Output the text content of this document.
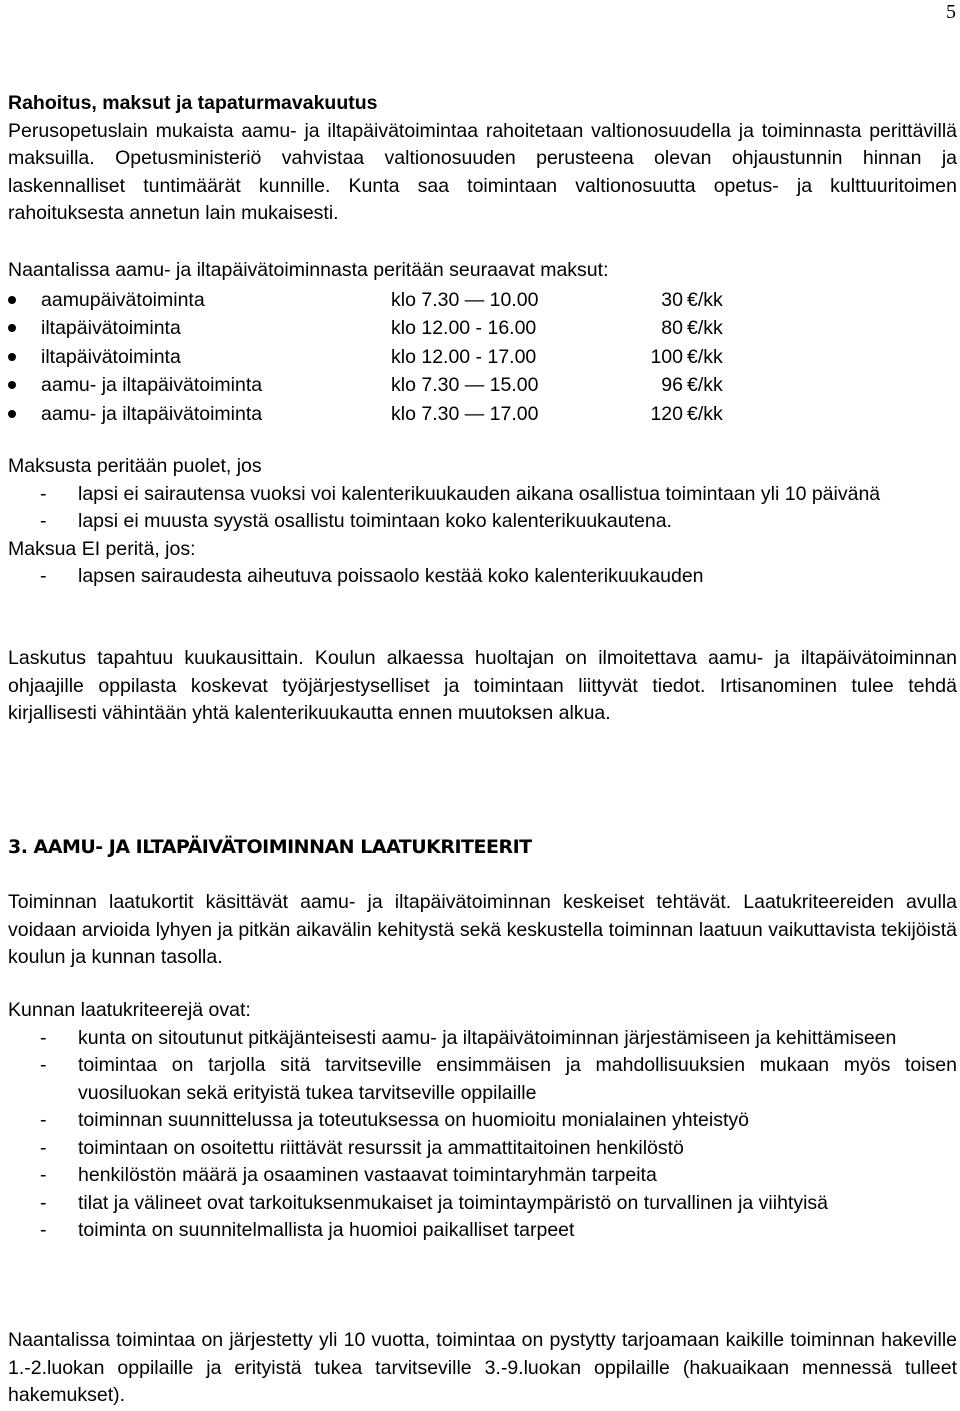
5

Rahoitus, maksut ja tapaturmavakuutus

Perusopetuslain mukaista aamu- ja iltapäivätoimintaa rahoitetaan valtionosuudella ja toiminnasta perittävillä maksuilla. Opetusministeriö vahvistaa valtionosuuden perusteena olevan ohjaustunnin hinnan ja laskennalliset tuntimäärät kunnille. Kunta saa toimintaan valtionosuutta opetus- ja kulttuuritoimen rahoituksesta annetun lain mukaisesti.

Naantalissa aamu- ja iltapäivätoiminnasta peritään seuraavat maksut:

aamupäivätoiminta	klo 7.30 — 10.00	30 €/kk
iltapäivätoiminta	klo 12.00 - 16.00	80 €/kk
iltapäivätoiminta	klo 12.00 - 17.00	100 €/kk
aamu- ja iltapäivätoiminta	klo 7.30 — 15.00	96 €/kk
aamu- ja iltapäivätoiminta	klo 7.30 — 17.00	120 €/kk

Maksusta peritään puolet, jos

- lapsi ei sairautensa vuoksi voi kalenterikuukauden aikana osallistua toimintaan yli 10 päivänä
- lapsi ei muusta syystä osallistu toimintaan koko kalenterikuukautena.

Maksua EI peritä, jos:

- lapsen sairaudesta aiheutuva poissaolo kestää koko kalenterikuukauden

Laskutus tapahtuu kuukausittain. Koulun alkaessa huoltajan on ilmoitettava aamu- ja iltapäivätoiminnan ohjaajille oppilasta koskevat työjärjestyselliset ja toimintaan liittyvät tiedot. Irtisanominen tulee tehdä kirjallisesti vähintään yhtä kalenterikuukautta ennen muutoksen alkua.

3. AAMU- JA ILTAPÄIVÄTOIMINNAN LAATUKRITEERIT

Toiminnan laatukortit käsittävät aamu- ja iltapäivätoiminnan keskeiset tehtävät. Laatukriteereiden avulla voidaan arvioida lyhyen ja pitkän aikavälin kehitystä sekä keskustella toiminnan laatuun vaikuttavista tekijöistä koulun ja kunnan tasolla.

Kunnan laatukriteerejä ovat:

- kunta on sitoutunut pitkäjänteisesti aamu- ja iltapäivätoiminnan järjestämiseen ja kehittämiseen
- toimintaa on tarjolla sitä tarvitseville ensimmäisen ja mahdollisuuksien mukaan myös toisen vuosiluokan sekä erityistä tukea tarvitseville oppilaille
- toiminnan suunnittelussa ja toteutuksessa on huomioitu monialainen yhteistyö
- toimintaan on osoitettu riittävät resurssit ja ammattitaitoinen henkilöstö
- henkilöstön määrä ja osaaminen vastaavat toimintaryhmän tarpeita
- tilat ja välineet ovat tarkoituksenmukaiset ja toimintaympäristö on turvallinen ja viihtyisä
- toiminta on suunnitelmallista ja huomioi paikalliset tarpeet

Naantalissa toimintaa on järjestetty yli 10 vuotta, toimintaa on pystytty tarjoamaan kaikille toiminnan hakeville 1.-2.luokan oppilaille ja erityistä tukea tarvitseville 3.-9.luokan oppilaille (hakuaikaan mennessä tulleet hakemukset).
